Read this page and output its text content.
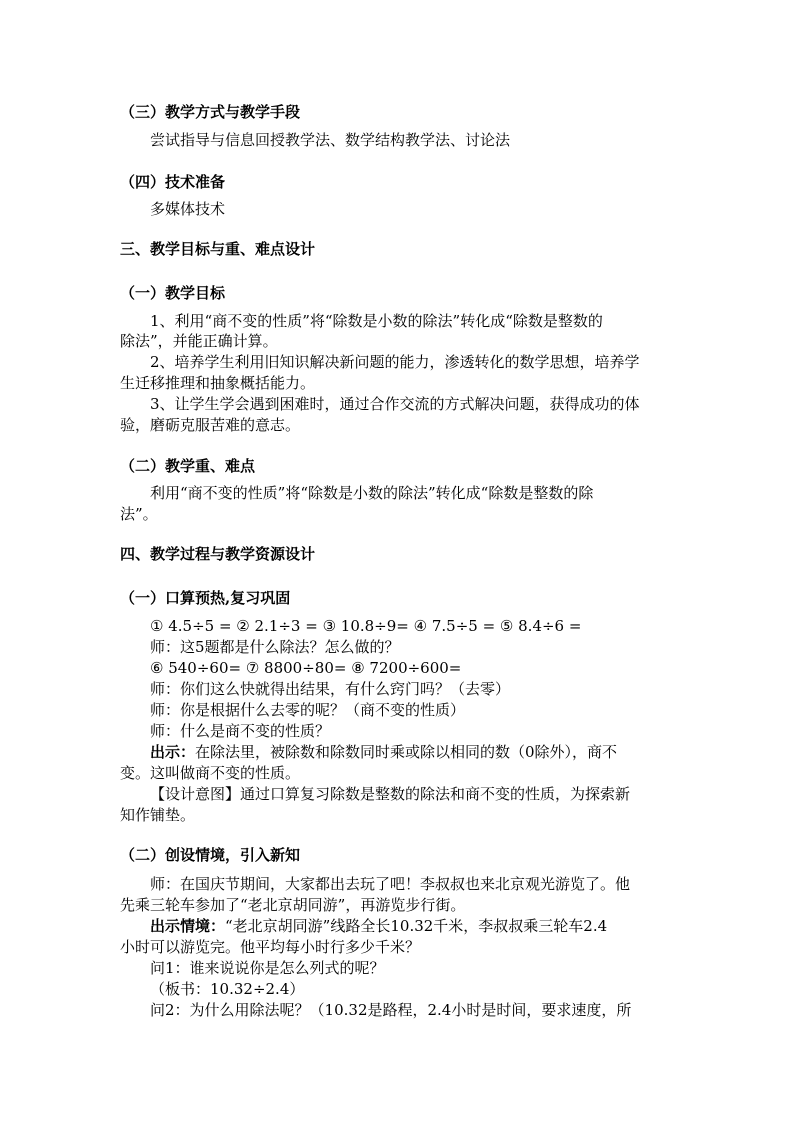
（三）教学方式与教学手段
尝试指导与信息回授教学法、数学结构教学法、讨论法
（四）技术准备
多媒体技术
三、教学目标与重、难点设计
（一）教学目标
1、利用“商不变的性质”将“除数是小数的除法”转化成“除数是整数的
除法”，并能正确计算。
2、培养学生利用旧知识解决新问题的能力，渗透转化的数学思想，培养学
生迁移推理和抽象概括能力。
3、让学生学会遇到困难时，通过合作交流的方式解决问题，获得成功的体
验，磨砺克服苦难的意志。
（二）教学重、难点
利用“商不变的性质”将“除数是小数的除法”转化成“除数是整数的除
法”。
四、教学过程与教学资源设计
（一）口算预热,复习巩固
① 4.5÷5 = ② 2.1÷3 = ③ 10.8÷9= ④ 7.5÷5 = ⑤ 8.4÷6 =
师：这5题都是什么除法？怎么做的？
⑥ 540÷60= ⑦ 8800÷80= ⑧ 7200÷600=
师：你们这么快就得出结果，有什么窍门吗？（去零）
师：你是根据什么去零的呢？（商不变的性质）
师：什么是商不变的性质？
出示：在除法里，被除数和除数同时乘或除以相同的数（0除外），商不
变。这叫做商不变的性质。
【设计意图】通过口算复习除数是整数的除法和商不变的性质，为探索新
知作铺垫。
（二）创设情境，引入新知
师：在国庆节期间，大家都出去玩了吧！李叔叔也来北京观光游览了。他
先乘三轮车参加了“老北京胡同游”，再游览步行街。
出示情境：“老北京胡同游”线路全长10.32千米，李叔叔乘三轮车2.4
小时可以游览完。他平均每小时行多少千米？
问1：谁来说说你是怎么列式的呢？
（板书：10.32÷2.4）
问2：为什么用除法呢？（10.32是路程，2.4小时是时间，要求速度，所
